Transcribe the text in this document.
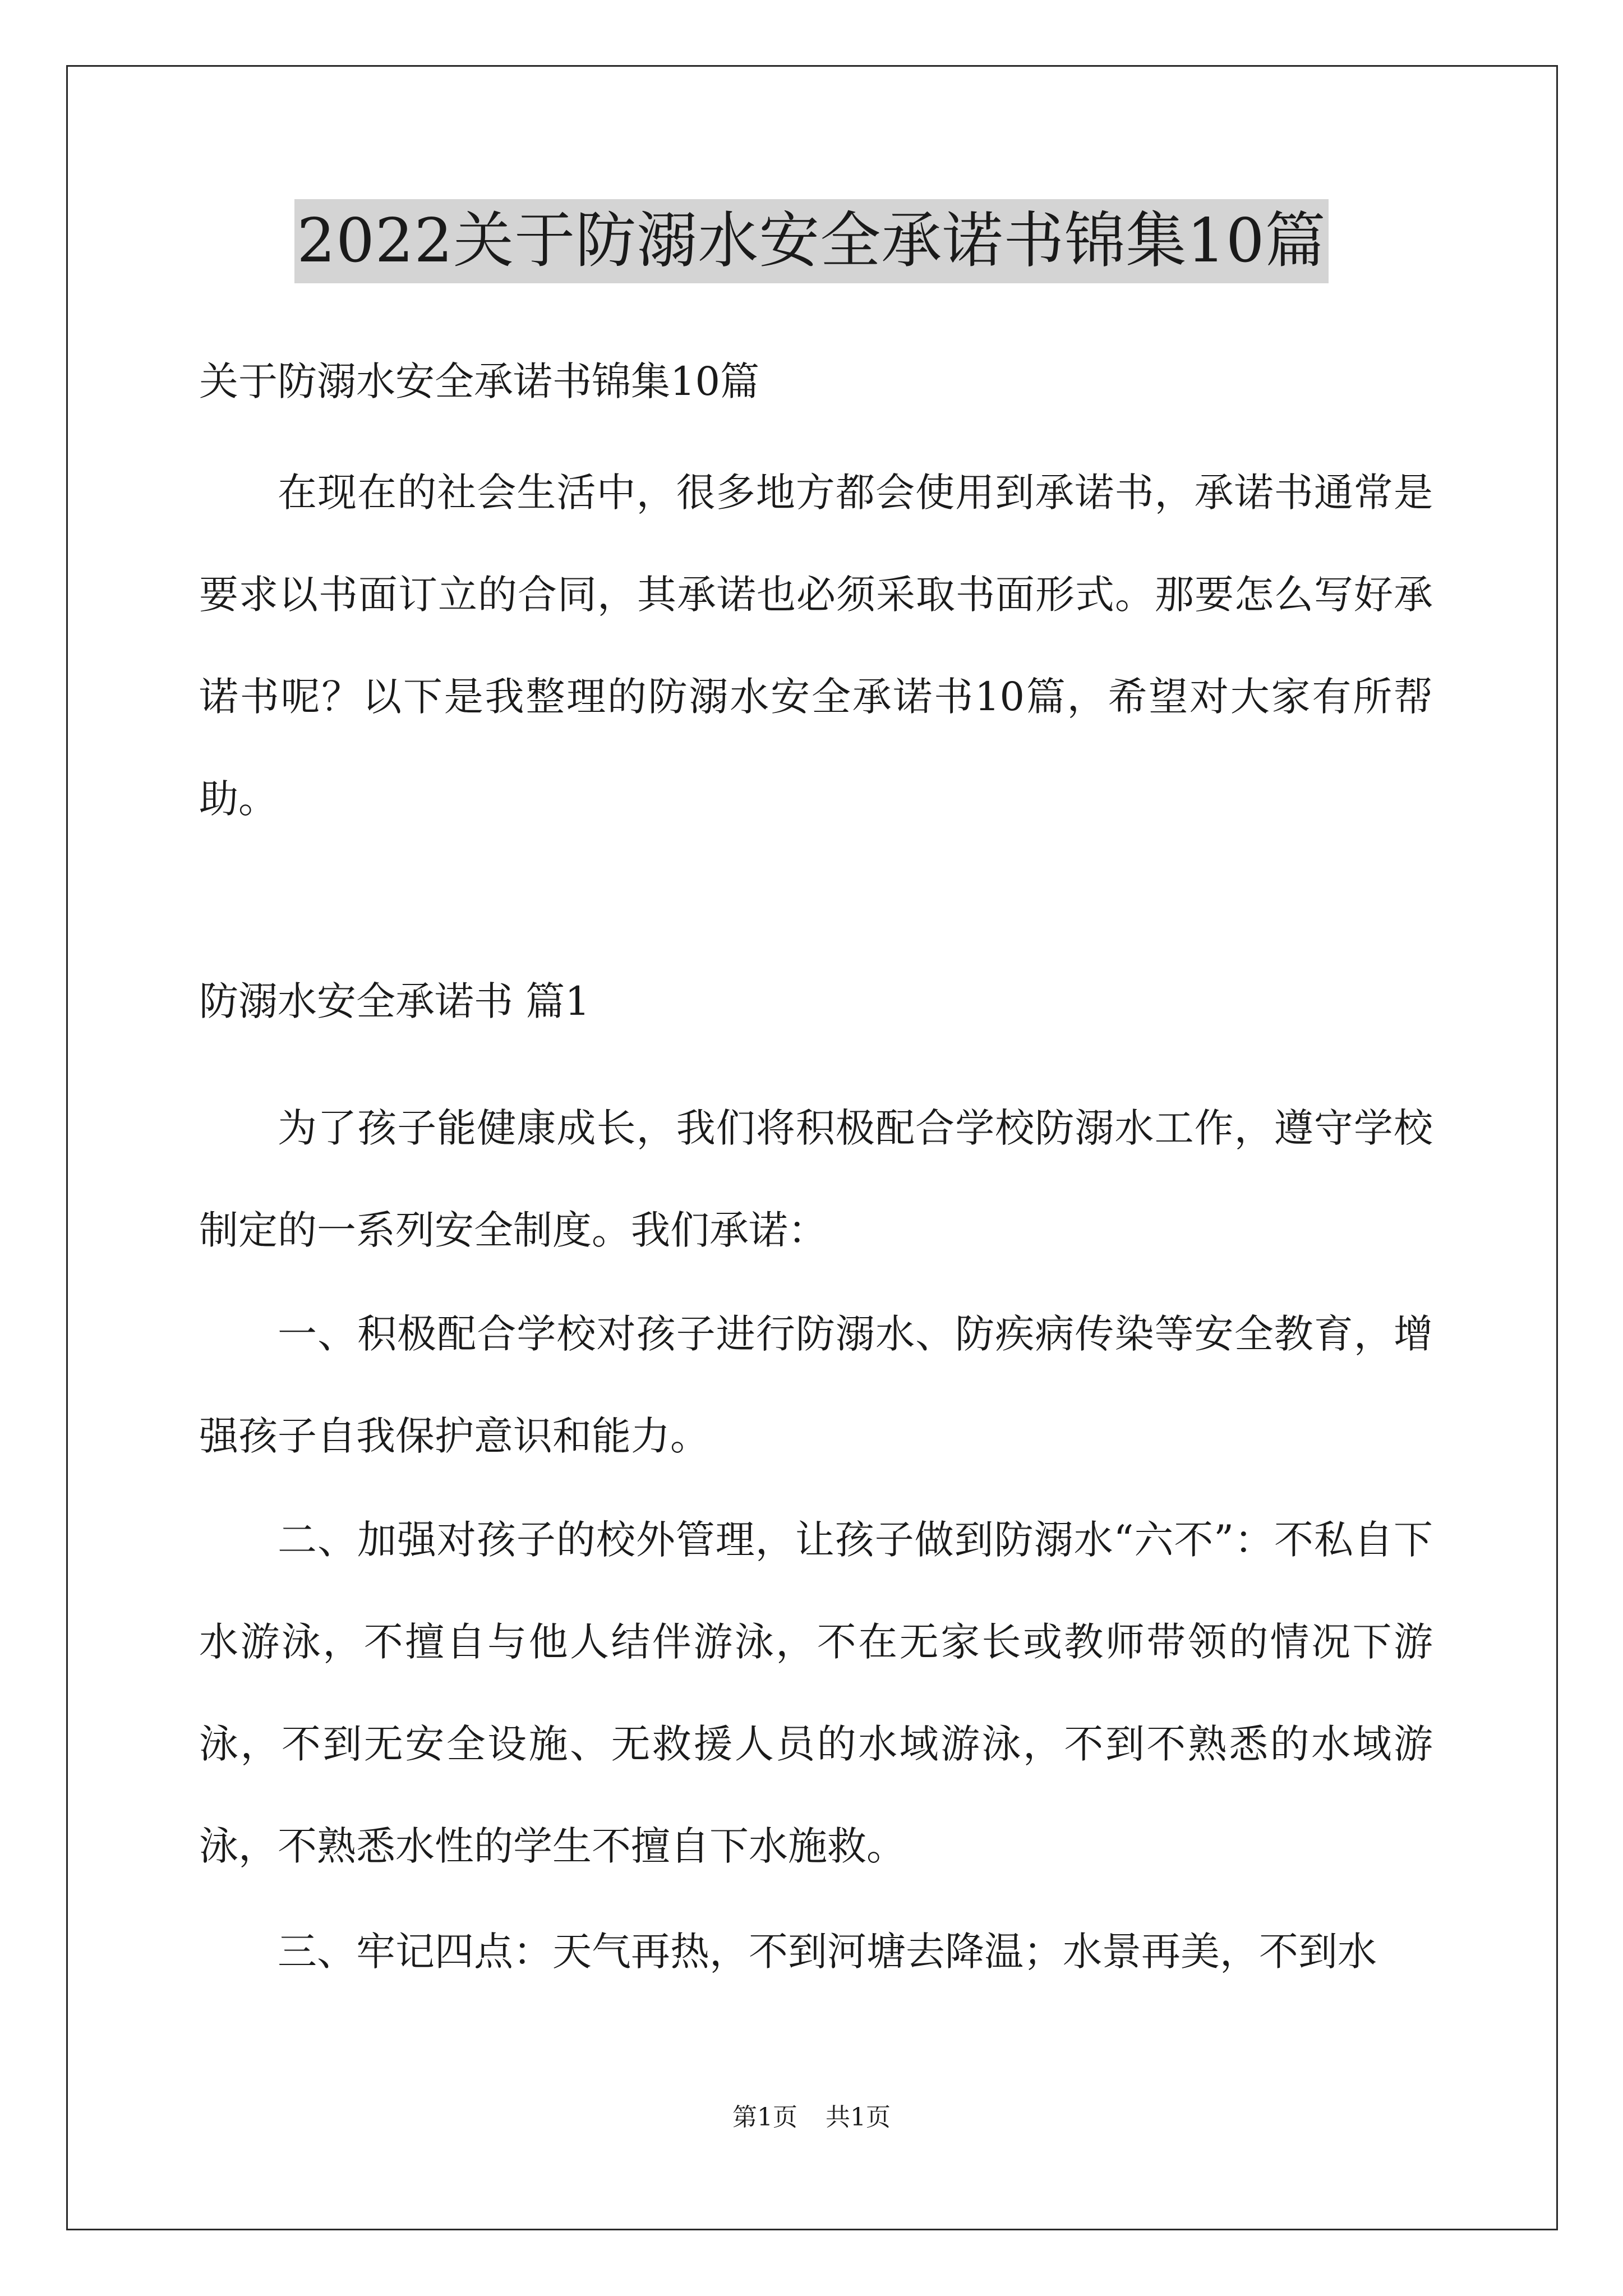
2022关于防溺水安全承诺书锦集10篇
关于防溺水安全承诺书锦集10篇

在现在的社会生活中，很多地方都会使用到承诺书，承诺书通常是要求以书面订立的合同，其承诺也必须采取书面形式。那要怎么写好承诺书呢？以下是我整理的防溺水安全承诺书10篇，希望对大家有所帮助。

防溺水安全承诺书 篇1

为了孩子能健康成长，我们将积极配合学校防溺水工作，遵守学校制定的一系列安全制度。我们承诺：

一、积极配合学校对孩子进行防溺水、防疾病传染等安全教育，增强孩子自我保护意识和能力。

二、加强对孩子的校外管理，让孩子做到防溺水“六不”：不私自下水游泳，不擅自与他人结伴游泳，不在无家长或教师带领的情况下游泳，不到无安全设施、无救援人员的水域游泳，不到不熟悉的水域游泳，不熟悉水性的学生不擅自下水施救。

三、牢记四点：天气再热，不到河塘去降温；水景再美，不到水

第1页 共1页
